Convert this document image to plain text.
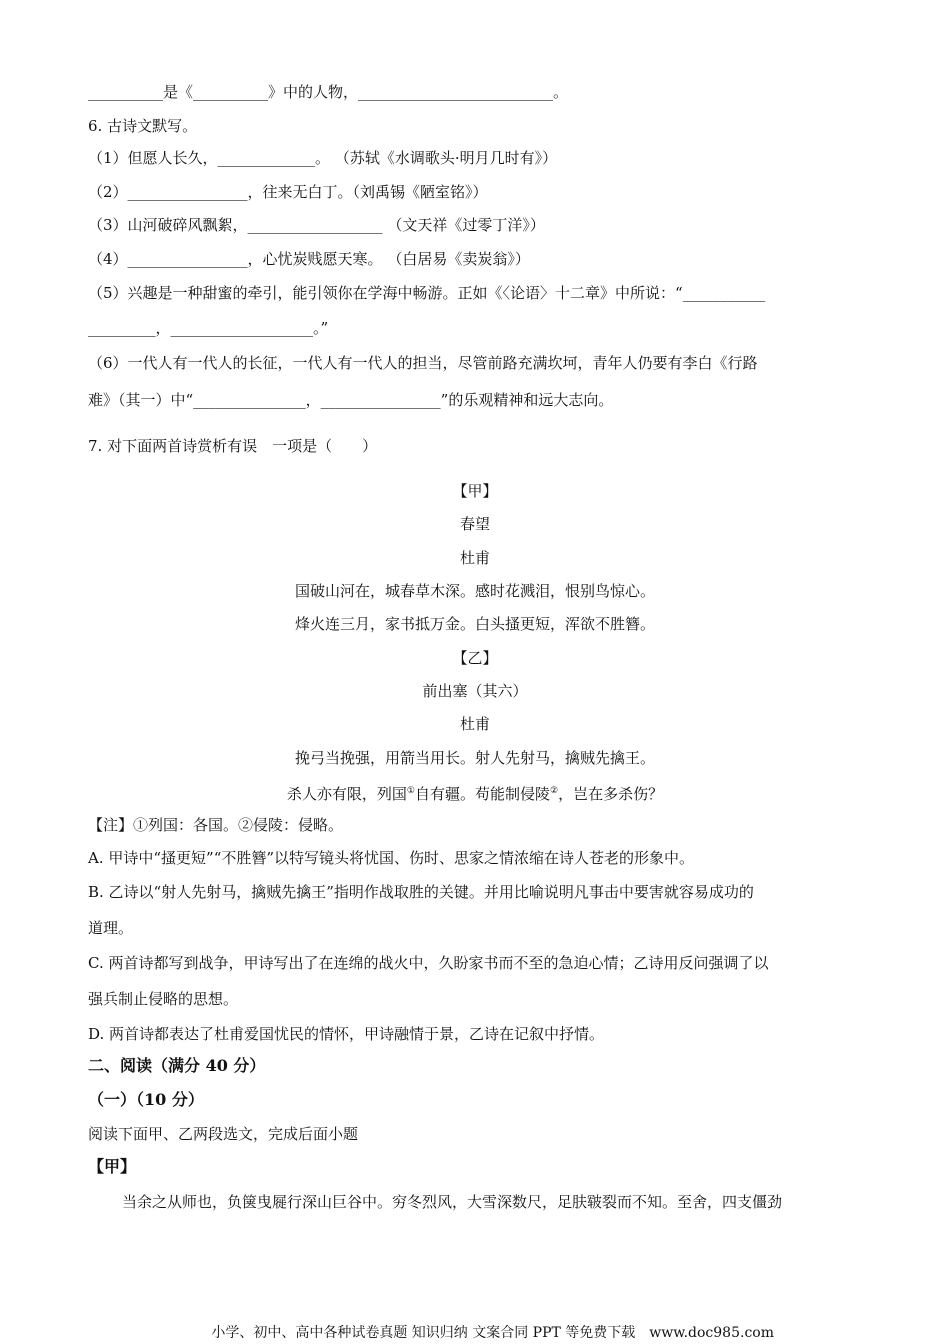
__________是《__________》中的人物，__________________________。
6. 古诗文默写。
（1）但愿人长久，_____________。 （苏轼《水调歌头·明月几时有》）
（2）________________，往来无白丁。（刘禹锡《陋室铭》）
（3）山河破碎风飘絮，__________________ （文天祥《过零丁洋》）
（4）________________，心忧炭贱愿天寒。 （白居易《卖炭翁》）
（5）兴趣是一种甜蜜的牵引，能引领你在学海中畅游。正如《〈论语〉十二章》中所说：“___________
_________，___________________。”
（6）一代人有一代人的长征，一代人有一代人的担当，尽管前路充满坎坷，青年人仍要有李白《行路
难》（其一）中“_______________，________________”的乐观精神和远大志向。
7. 对下面两首诗赏析有误　一项是（　　）
【甲】
春望
杜甫
国破山河在，城春草木深。感时花溅泪，恨别鸟惊心。
烽火连三月，家书抵万金。白头搔更短，浑欲不胜簪。
【乙】
前出塞（其六）
杜甫
挽弓当挽强，用箭当用长。射人先射马，擒贼先擒王。
杀人亦有限，列国①自有疆。苟能制侵陵②，岂在多杀伤？
【注】①列国：各国。②侵陵：侵略。
A. 甲诗中“搔更短”“不胜簪”以特写镜头将忧国、伤时、思家之情浓缩在诗人苍老的形象中。
B. 乙诗以“射人先射马，擒贼先擒王”指明作战取胜的关键。并用比喻说明凡事击中要害就容易成功的
道理。
C. 两首诗都写到战争，甲诗写出了在连绵的战火中，久盼家书而不至的急迫心情；乙诗用反问强调了以
强兵制止侵略的思想。
D. 两首诗都表达了杜甫爱国忧民的情怀，甲诗融情于景，乙诗在记叙中抒情。
二、阅读（满分 40 分）
（一）（10 分）
阅读下面甲、乙两段选文，完成后面小题
【甲】
当余之从师也，负箧曳屣行深山巨谷中。穷冬烈风，大雪深数尺，足肤皲裂而不知。至舍，四支僵劲
小学、初中、高中各种试卷真题 知识归纳 文案合同 PPT 等免费下载　www.doc985.com
